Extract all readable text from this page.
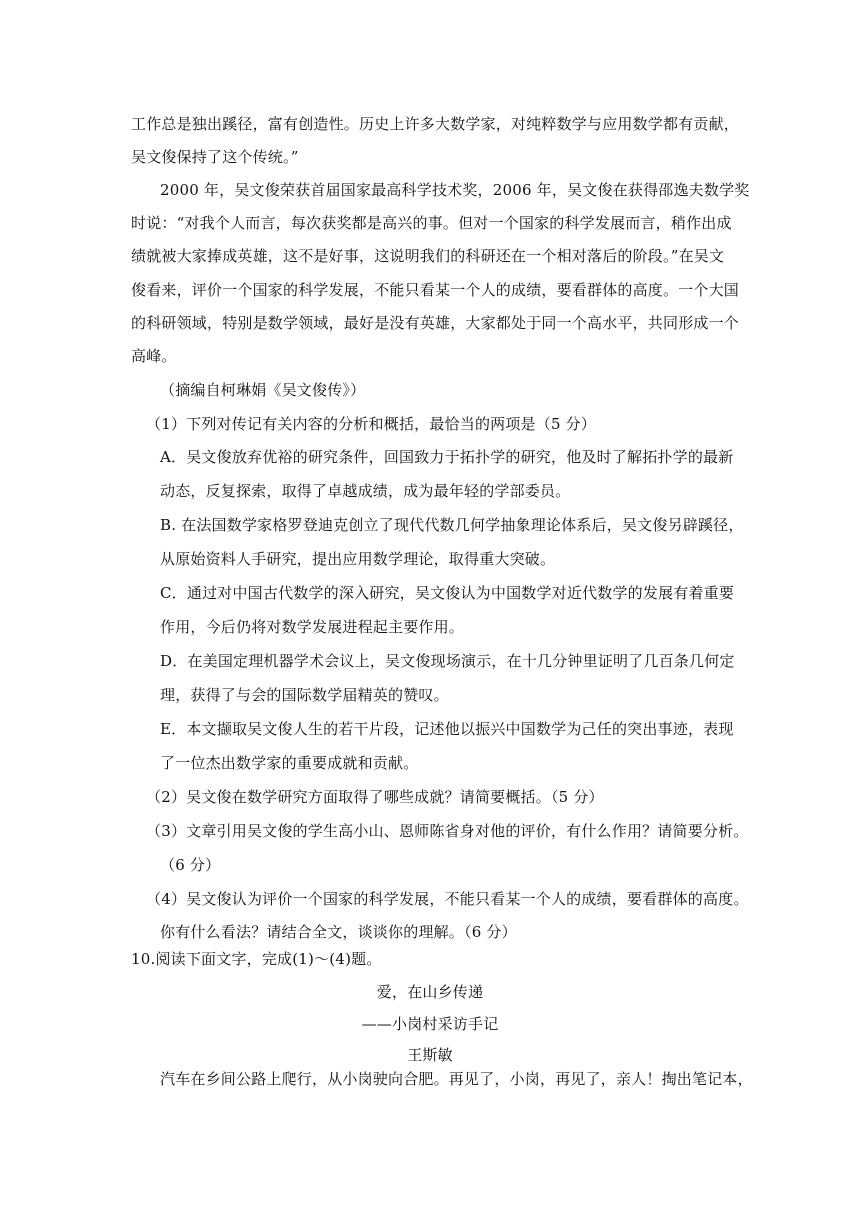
工作总是独出蹊径，富有创造性。历史上许多大数学家，对纯粹数学与应用数学都有贡献，
吴文俊保持了这个传统。”
2000 年，吴文俊荣获首届国家最高科学技术奖，2006 年，吴文俊在获得邵逸夫数学奖
时说：“对我个人而言，每次获奖都是高兴的事。但对一个国家的科学发展而言，稍作出成
绩就被大家捧成英雄，这不是好事，这说明我们的科研还在一个相对落后的阶段。”在吴文
俊看来，评价一个国家的科学发展，不能只看某一个人的成绩，要看群体的高度。一个大国
的科研领域，特别是数学领域，最好是没有英雄，大家都处于同一个高水平，共同形成一个
高峰。
（摘编自柯琳娟《吴文俊传》）
（1）下列对传记有关内容的分析和概括，最恰当的两项是（5 分）
A．吴文俊放弃优裕的研究条件，回国致力于拓扑学的研究，他及时了解拓扑学的最新
动态，反复探索，取得了卓越成绩，成为最年轻的学部委员。
B. 在法国数学家格罗登迪克创立了现代代数几何学抽象理论体系后，吴文俊另辟蹊径，
从原始资料人手研究，提出应用数学理论，取得重大突破。
C．通过对中国古代数学的深入研究，吴文俊认为中国数学对近代数学的发展有着重要
作用，今后仍将对数学发展进程起主要作用。
D．在美国定理机器学术会议上，吴文俊现场演示，在十几分钟里证明了几百条几何定
理，获得了与会的国际数学届精英的赞叹。
E．本文撷取吴文俊人生的若干片段，记述他以振兴中国数学为己任的突出事迹，表现
了一位杰出数学家的重要成就和贡献。
（2）吴文俊在数学研究方面取得了哪些成就？请简要概括。（5 分）
（3）文章引用吴文俊的学生高小山、恩师陈省身对他的评价，有什么作用？请简要分析。
（6 分）
（4）吴文俊认为评价一个国家的科学发展，不能只看某一个人的成绩，要看群体的高度。
你有什么看法？请结合全文，谈谈你的理解。（6 分）
10.阅读下面文字，完成(1)～(4)题。
爱，在山乡传递
——小岗村采访手记
王斯敏
汽车在乡间公路上爬行，从小岗驶向合肥。再见了，小岗，再见了，亲人！掏出笔记本，
